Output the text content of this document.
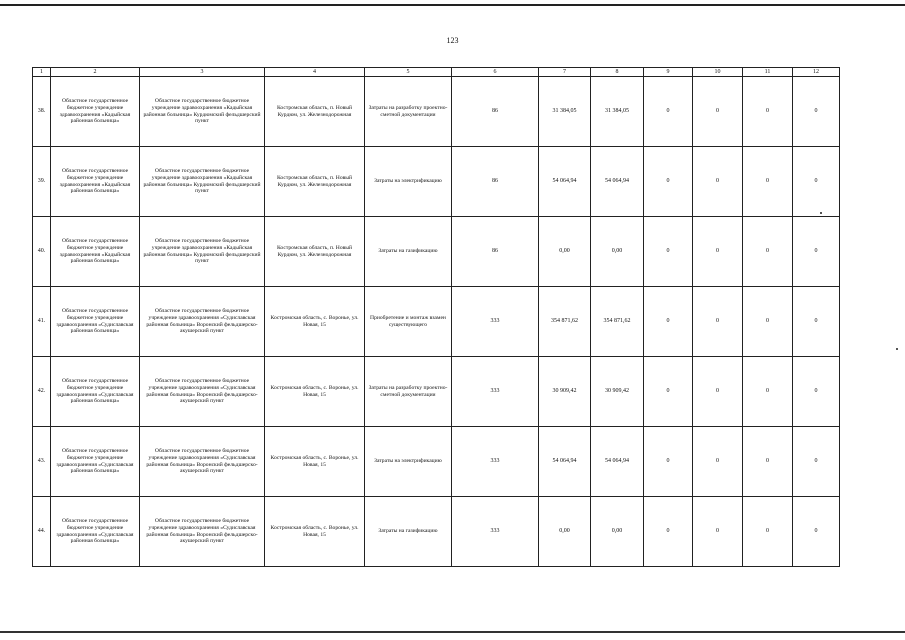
123
1	2	3	4	5	6	7	8	9	10	11	12
38.	Областное государственное бюджетное учреждение здравоохранения «Кадыйская районная больница»	Областное государственное бюджетное учреждение здравоохранения «Кадыйская районная больница» Курдюмский фельдшерский пункт	Костромская область, п. Новый Курдюм, ул. Железнодорожная	Затраты на разработку проектно-сметной документации	86	31 384,05	31 384,05	0	0	0	0
39.	Областное государственное бюджетное учреждение здравоохранения «Кадыйская районная больница»	Областное государственное бюджетное учреждение здравоохранения «Кадыйская районная больница» Курдюмский фельдшерский пункт	Костромская область, п. Новый Курдюм, ул. Железнодорожная	Затраты на электрификацию	86	54 064,94	54 064,94	0	0	0	0
40.	Областное государственное бюджетное учреждение здравоохранения «Кадыйская районная больница»	Областное государственное бюджетное учреждение здравоохранения «Кадыйская районная больница» Курдюмский фельдшерский пункт	Костромская область, п. Новый Курдюм, ул. Железнодорожная	Затраты на газификацию	86	0,00	0,00	0	0	0	0
41.	Областное государственное бюджетное учреждение здравоохранения «Судиславская районная больница»	Областное государственное бюджетное учреждение здравоохранения «Судиславская районная больница» Воронский фельдшерско-акушерский пункт	Костромская область, с. Воронье, ул. Новая, 15	Приобретение и монтаж взамен существующего	333	354 871,62	354 871,62	0	0	0	0
42.	Областное государственное бюджетное учреждение здравоохранения «Судиславская районная больница»	Областное государственное бюджетное учреждение здравоохранения «Судиславская районная больница» Воронский фельдшерско-акушерский пункт	Костромская область, с. Воронье, ул. Новая, 15	Затраты на разработку проектно-сметной документации	333	30 909,42	30 909,42	0	0	0	0
43.	Областное государственное бюджетное учреждение здравоохранения «Судиславская районная больница»	Областное государственное бюджетное учреждение здравоохранения «Судиславская районная больница» Воронский фельдшерско-акушерский пункт	Костромская область, с. Воронье, ул. Новая, 15	Затраты на электрификацию	333	54 064,94	54 064,94	0	0	0	0
44.	Областное государственное бюджетное учреждение здравоохранения «Судиславская районная больница»	Областное государственное бюджетное учреждение здравоохранения «Судиславская районная больница» Воронский фельдшерско-акушерский пункт	Костромская область, с. Воронье, ул. Новая, 15	Затраты на газификацию	333	0,00	0,00	0	0	0	0
